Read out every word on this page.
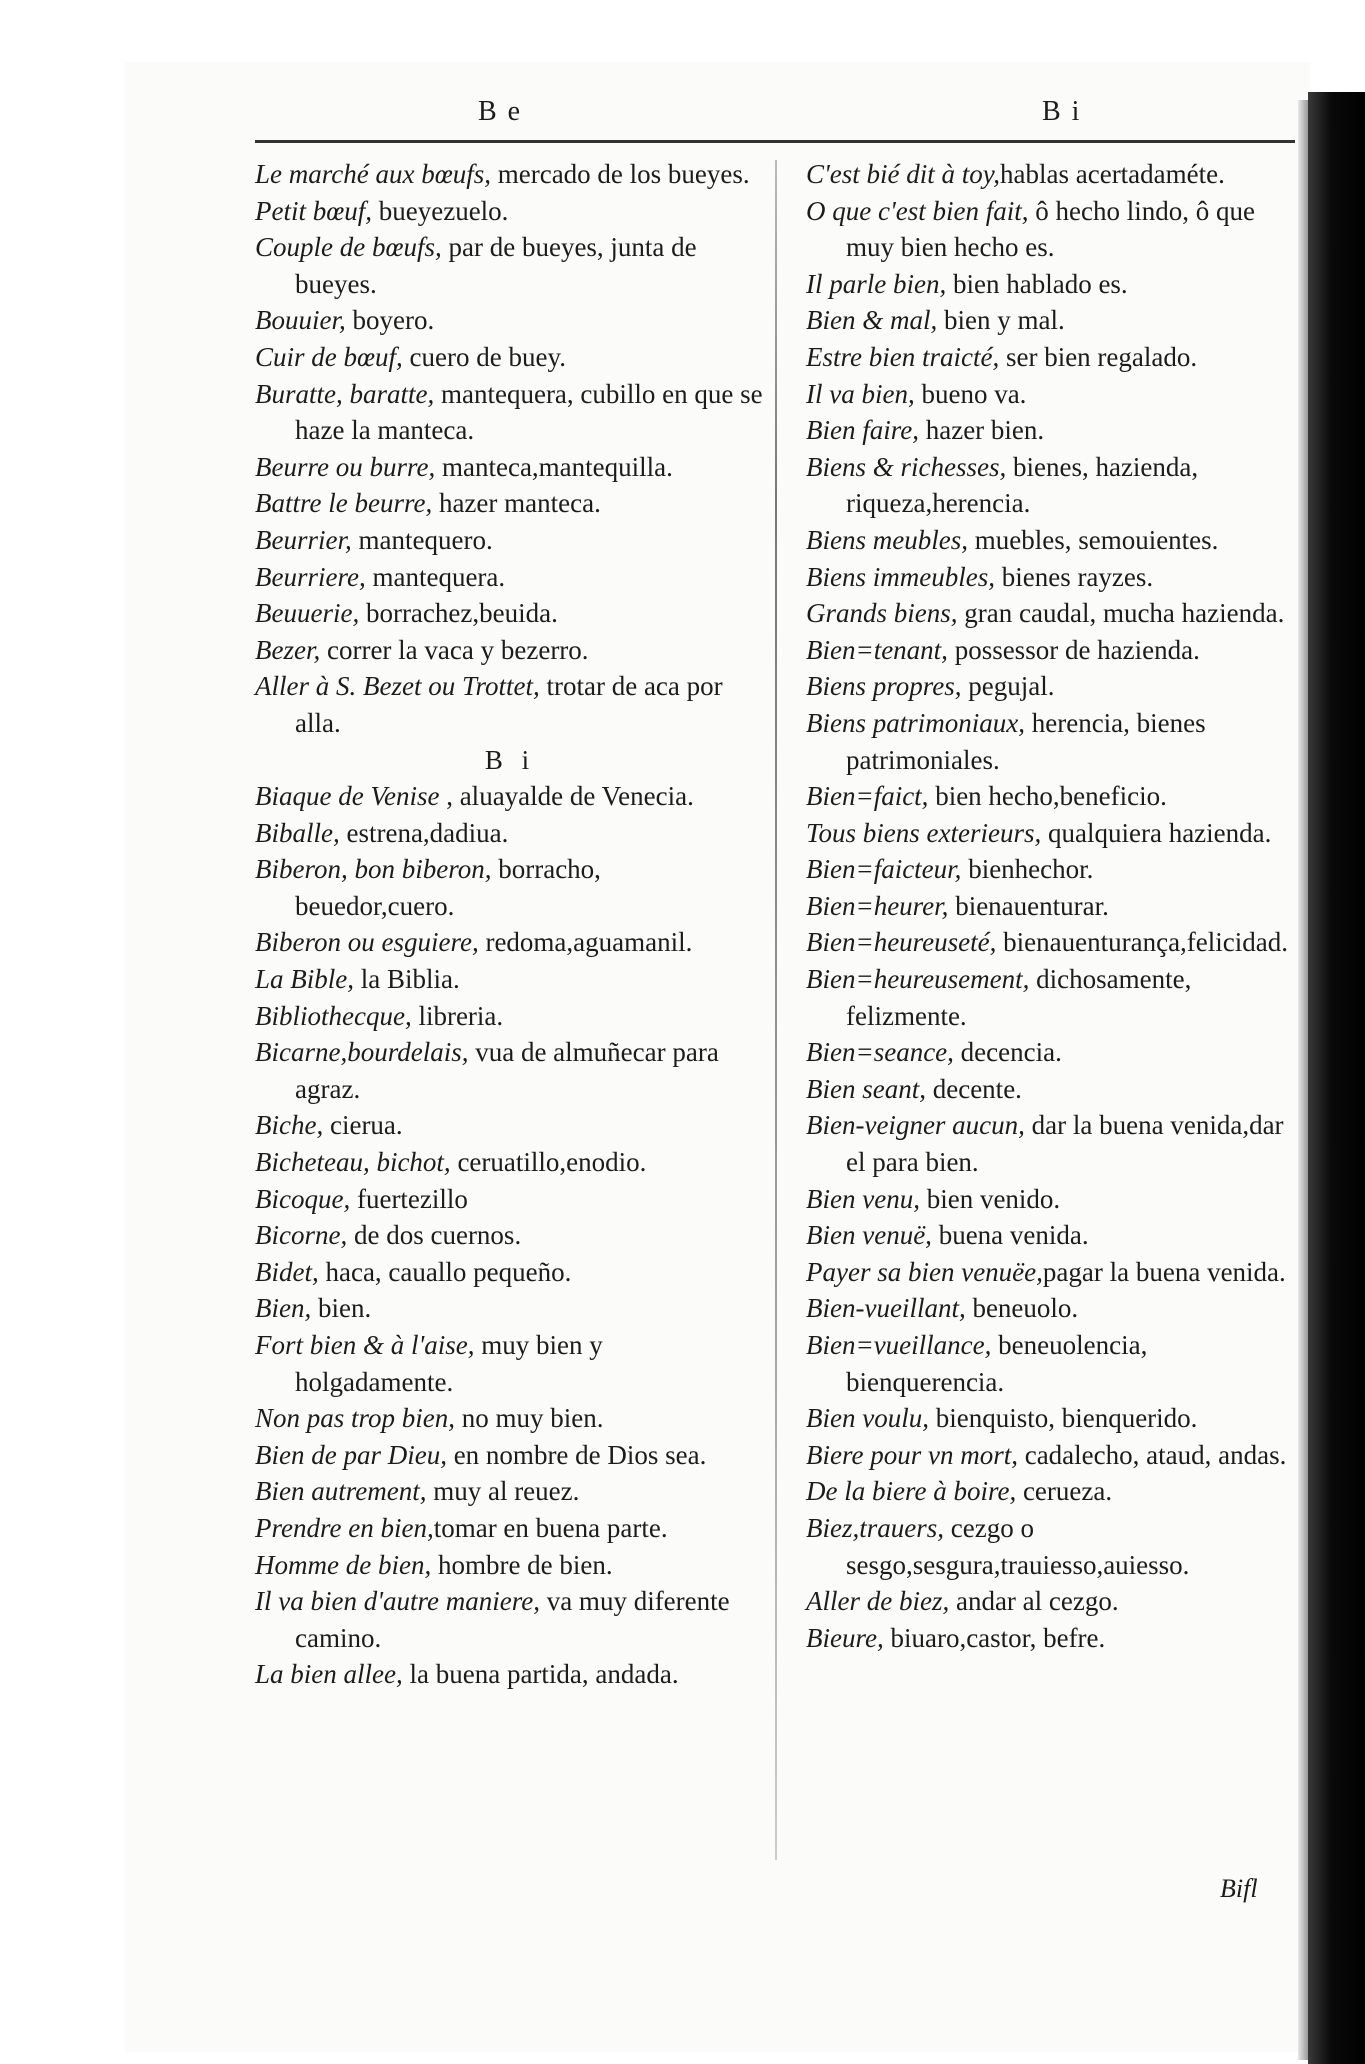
B e	B i

Le marché aux bœufs, mercado de los bueyes.

Petit bœuf, bueyezuelo.

Couple de bœufs, par de bueyes, junta de bueyes.

Bouuier, boyero.

Cuir de bœuf, cuero de buey.

Buratte, baratte, mantequera, cubillo en que se haze la manteca.

Beurre ou burre, manteca,mantequilla.

Battre le beurre, hazer manteca.

Beurrier, mantequero.

Beurriere, mantequera.

Beuuerie, borrachez,beuida.

Bezer, correr la vaca y bezerro.

Aller à S. Bezet ou Trottet, trotar de aca por alla.

B i

Biaque de Venise , aluayalde de Venecia.

Biballe, estrena,dadiua.

Biberon, bon biberon, borracho, beuedor,cuero.

Biberon ou esguiere, redoma,aguamanil.

La Bible, la Biblia.

Bibliothecque, libreria.

Bicarne,bourdelais, vua de almuñecar para agraz.

Biche, cierua.

Bicheteau, bichot, ceruatillo,enodio.

Bicoque, fuertezillo

Bicorne, de dos cuernos.

Bidet, haca, cauallo pequeño.

Bien, bien.

Fort bien & à l'aise, muy bien y holgadamente.

Non pas trop bien, no muy bien.

Bien de par Dieu, en nombre de Dios sea.

Bien autrement, muy al reuez.

Prendre en bien,tomar en buena parte.

Homme de bien, hombre de bien.

Il va bien d'autre maniere, va muy diferente camino.

La bien allee, la buena partida, andada.

C'est bié dit à toy,hablas acertadaméte.

O que c'est bien fait, ô hecho lindo, ô que muy bien hecho es.

Il parle bien, bien hablado es.

Bien & mal, bien y mal.

Estre bien traicté, ser bien regalado.

Il va bien, bueno va.

Bien faire, hazer bien.

Biens & richesses, bienes, hazienda, riqueza,herencia.

Biens meubles, muebles, semouientes.

Biens immeubles, bienes rayzes.

Grands biens, gran caudal, mucha hazienda.

Bien=tenant, possessor de hazienda.

Biens propres, pegujal.

Biens patrimoniaux, herencia, bienes patrimoniales.

Bien=faict, bien hecho,beneficio.

Tous biens exterieurs, qualquiera hazienda.

Bien=faicteur, bienhechor.

Bien=heurer, bienauenturar.

Bien=heureuseté, bienauenturança,felicidad.

Bien=heureusement, dichosamente, felizmente.

Bien=seance, decencia.

Bien seant, decente.

Bien-veigner aucun, dar la buena venida,dar el para bien.

Bien venu, bien venido.

Bien venuë, buena venida.

Payer sa bien venuëe,pagar la buena venida.

Bien-vueillant, beneuolo.

Bien=vueillance, beneuolencia, bienquerencia.

Bien voulu, bienquisto, bienquerido.

Biere pour vn mort, cadalecho, ataud, andas.

De la biere à boire, cerueza.

Biez,trauers, cezgo o sesgo,sesgura,trauiesso,auiesso.

Aller de biez, andar al cezgo.

Bieure, biuaro,castor, befre.

Bifl
